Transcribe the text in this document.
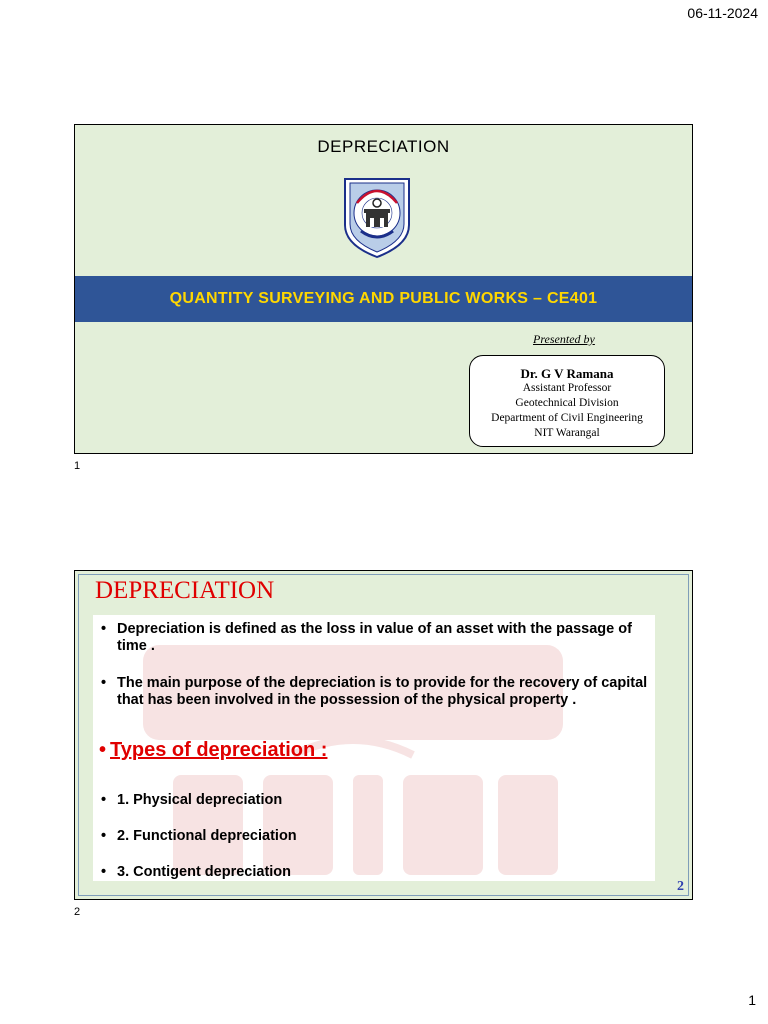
06-11-2024
DEPRECIATION
QUANTITY SURVEYING AND PUBLIC WORKS – CE401
Presented by
Dr. G V Ramana
Assistant Professor
Geotechnical Division
Department of Civil Engineering
NIT Warangal
1
DEPRECIATION
• Depreciation is defined as the loss in value of an asset with the passage of time .
• The main purpose of the depreciation is to provide for the recovery of capital that has been involved in the possession of the physical property .
• Types of depreciation :
• 1. Physical depreciation
• 2. Functional depreciation
• 3. Contigent depreciation
2
2
1
